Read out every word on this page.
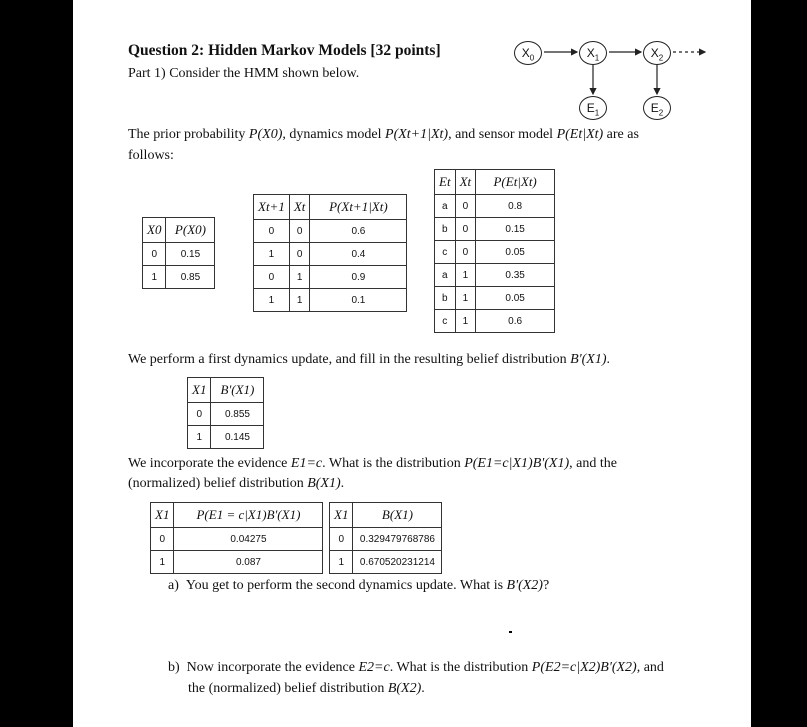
Question 2: Hidden Markov Models [32 points]
Part 1) Consider the HMM shown below.
$X_0$	$X_1$	$X_2$
$E_1$	$E_2$
The prior probability P(X0), dynamics model P(Xt+1|Xt), and sensor model P(Et|Xt) are as
follows:
X0	P(X0)
0	0.15
1	0.85
Xt+1	Xt	P(Xt+1|Xt)
0	0	0.6
1	0	0.4
0	1	0.9
1	1	0.1
Et	Xt	P(Et|Xt)
a	0	0.8
b	0	0.15
c	0	0.05
a	1	0.35
b	1	0.05
c	1	0.6
We perform a first dynamics update, and fill in the resulting belief distribution B'(X1).
X1	B'(X1)
0	0.855
1	0.145
We incorporate the evidence E1=c. What is the distribution P(E1=c|X1)B'(X1), and the
(normalized) belief distribution B(X1).
X1	P(E1 = c|X1)B'(X1)
0	0.04275
1	0.087
X1	B(X1)
0	0.329479768786
1	0.670520231214
a) You get to perform the second dynamics update. What is B'(X2)?
b) Now incorporate the evidence E2=c. What is the distribution P(E2=c|X2)B'(X2), and
the (normalized) belief distribution B(X2).
